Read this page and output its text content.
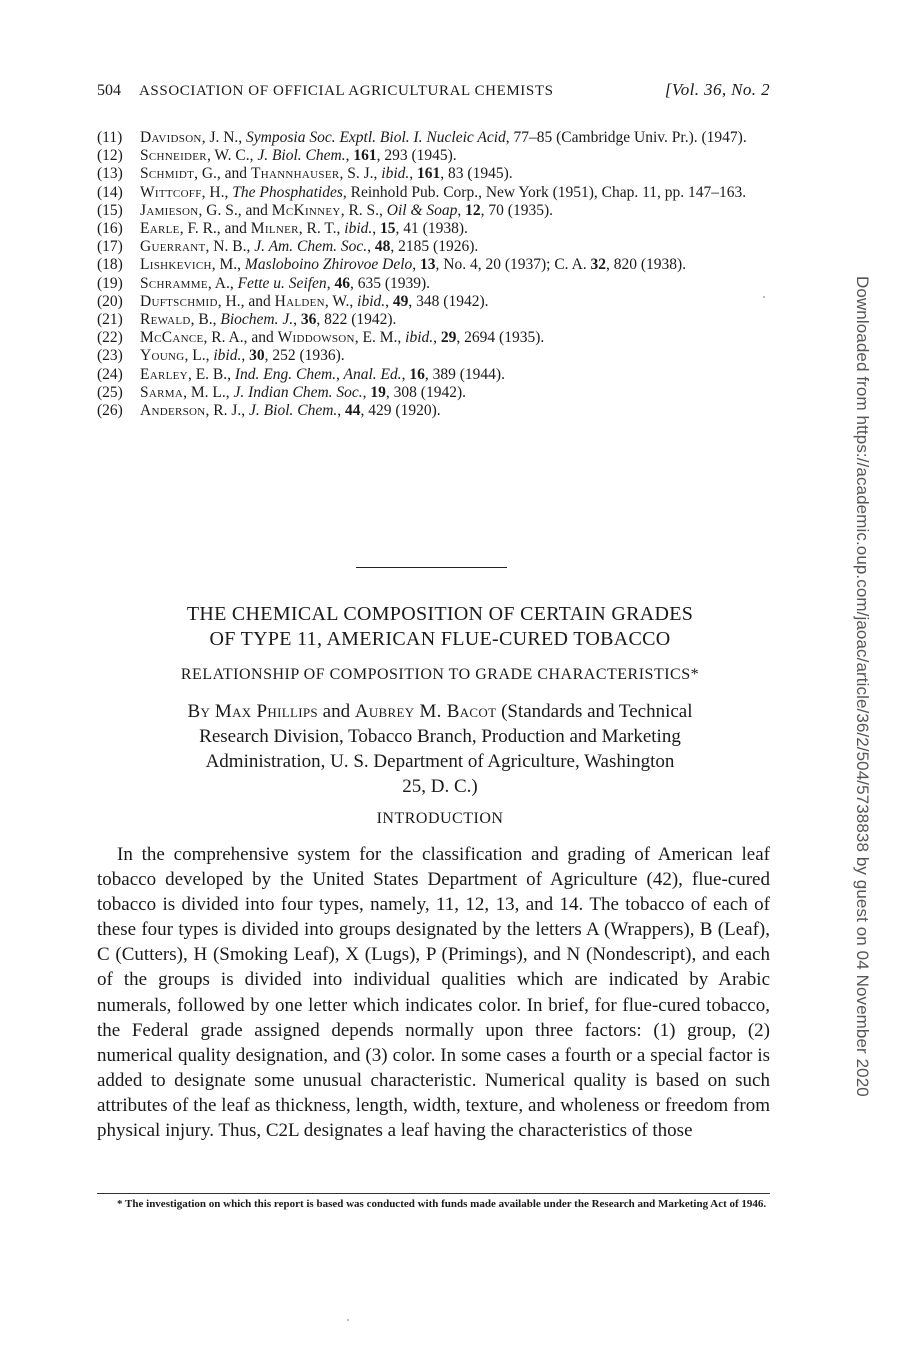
504 ASSOCIATION OF OFFICIAL AGRICULTURAL CHEMISTS	[Vol. 36, No. 2
(11) Davidson, J. N., Symposia Soc. Exptl. Biol. I. Nucleic Acid, 77–85 (Cambridge Univ. Pr.). (1947).
(12) Schneider, W. C., J. Biol. Chem., 161, 293 (1945).
(13) Schmidt, G., and Thannhauser, S. J., ibid., 161, 83 (1945).
(14) Wittcoff, H., The Phosphatides, Reinhold Pub. Corp., New York (1951), Chap. 11, pp. 147–163.
(15) Jamieson, G. S., and McKinney, R. S., Oil & Soap, 12, 70 (1935).
(16) Earle, F. R., and Milner, R. T., ibid., 15, 41 (1938).
(17) Guerrant, N. B., J. Am. Chem. Soc., 48, 2185 (1926).
(18) Lishkevich, M., Masloboino Zhirovoe Delo, 13, No. 4, 20 (1937); C. A. 32, 820 (1938).
(19) Schramme, A., Fette u. Seifen, 46, 635 (1939).
(20) Duftschmid, H., and Halden, W., ibid., 49, 348 (1942).
(21) Rewald, B., Biochem. J., 36, 822 (1942).
(22) McCance, R. A., and Widdowson, E. M., ibid., 29, 2694 (1935).
(23) Young, L., ibid., 30, 252 (1936).
(24) Earley, E. B., Ind. Eng. Chem., Anal. Ed., 16, 389 (1944).
(25) Sarma, M. L., J. Indian Chem. Soc., 19, 308 (1942).
(26) Anderson, R. J., J. Biol. Chem., 44, 429 (1920).
THE CHEMICAL COMPOSITION OF CERTAIN GRADES
OF TYPE 11, AMERICAN FLUE-CURED TOBACCO
RELATIONSHIP OF COMPOSITION TO GRADE CHARACTERISTICS*
By Max Phillips and Aubrey M. Bacot (Standards and Technical
Research Division, Tobacco Branch, Production and Marketing
Administration, U. S. Department of Agriculture, Washington
25, D. C.)
INTRODUCTION

In the comprehensive system for the classification and grading of American leaf tobacco developed by the United States Department of Agriculture (42), flue-cured tobacco is divided into four types, namely, 11, 12, 13, and 14. The tobacco of each of these four types is divided into groups designated by the letters A (Wrappers), B (Leaf), C (Cutters), H (Smoking Leaf), X (Lugs), P (Primings), and N (Nondescript), and each of the groups is divided into individual qualities which are indicated by Arabic numerals, followed by one letter which indicates color. In brief, for flue-cured tobacco, the Federal grade assigned depends normally upon three factors: (1) group, (2) numerical quality designation, and (3) color. In some cases a fourth or a special factor is added to designate some unusual characteristic. Numerical quality is based on such attributes of the leaf as thickness, length, width, texture, and wholeness or freedom from physical injury. Thus, C2L designates a leaf having the characteristics of those

* The investigation on which this report is based was conducted with funds made available under the Research and Marketing Act of 1946.

Downloaded from https://academic.oup.com/jaoac/article/36/2/504/5738838 by guest on 04 November 2020
